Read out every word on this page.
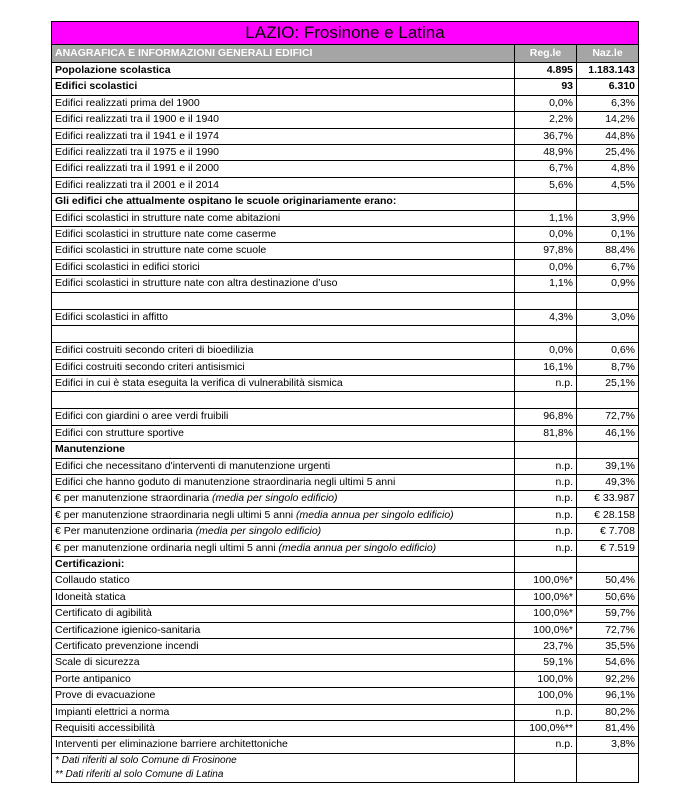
LAZIO: Frosinone e Latina		
ANAGRAFICA E INFORMAZIONI GENERALI EDIFICI	Reg.le	Naz.le
Popolazione scolastica	4.895	1.183.143
Edifici scolastici	93	6.310
Edifici realizzati prima del 1900	0,0%	6,3%
Edifici realizzati tra il 1900 e il 1940	2,2%	14,2%
Edifici realizzati tra il 1941 e il 1974	36,7%	44,8%
Edifici realizzati tra il 1975 e il 1990	48,9%	25,4%
Edifici realizzati tra il 1991 e il 2000	6,7%	4,8%
Edifici realizzati tra il 2001 e il 2014	5,6%	4,5%
Gli edifici che attualmente ospitano le scuole originariamente erano:		
Edifici scolastici in strutture nate come abitazioni	1,1%	3,9%
Edifici scolastici in strutture nate come caserme	0,0%	0,1%
Edifici scolastici in strutture nate come scuole	97,8%	88,4%
Edifici scolastici in edifici storici	0,0%	6,7%
Edifici scolastici in strutture nate con altra destinazione d’uso	1,1%	0,9%

Edifici scolastici in affitto	4,3%	3,0%

Edifici costruiti secondo criteri di bioedilizia	0,0%	0,6%
Edifici costruiti secondo criteri antisismici	16,1%	8,7%
Edifici in cui è stata eseguita la verifica di vulnerabilità sismica	n.p.	25,1%

Edifici con giardini o aree verdi fruibili	96,8%	72,7%
Edifici con strutture sportive	81,8%	46,1%
Manutenzione		
Edifici che necessitano d'interventi di manutenzione urgenti	n.p.	39,1%
Edifici che hanno goduto di manutenzione straordinaria negli ultimi 5 anni	n.p.	49,3%
€ per manutenzione straordinaria (media per singolo edificio)	n.p.	€ 33.987
€ per manutenzione straordinaria negli ultimi 5 anni (media annua per singolo edificio)	n.p.	€ 28.158
€ Per manutenzione ordinaria (media per singolo edificio)	n.p.	€ 7.708
€ per manutenzione ordinaria negli ultimi 5 anni (media annua per singolo edificio)	n.p.	€ 7.519
Certificazioni:		
Collaudo statico	100,0%*	50,4%
Idoneità statica	100,0%*	50,6%
Certificato di agibilità	100,0%*	59,7%
Certificazione igienico-sanitaria	100,0%*	72,7%
Certificato prevenzione incendi	23,7%	35,5%
Scale di sicurezza	59,1%	54,6%
Porte antipanico	100,0%	92,2%
Prove di evacuazione	100,0%	96,1%
Impianti elettrici a norma	n.p.	80,2%
Requisiti accessibilità	100,0%**	81,4%
Interventi per eliminazione barriere architettoniche	n.p.	3,8%
* Dati riferiti al solo Comune di Frosinone		
** Dati riferiti al solo Comune di Latina		
